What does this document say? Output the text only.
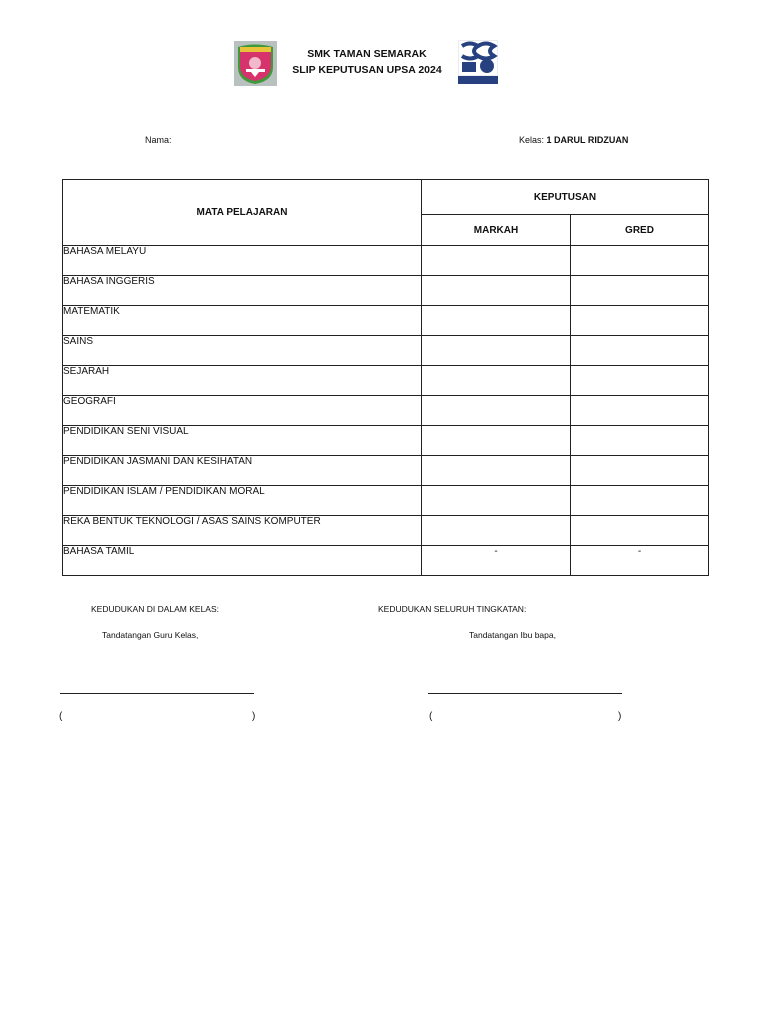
SMK TAMAN SEMARAK
SLIP KEPUTUSAN UPSA 2024
Nama:	Kelas: 1 DARUL RIDZUAN
MATA PELAJARAN	KEPUTUSAN	
	MARKAH	GRED
BAHASA MELAYU		
BAHASA INGGERIS		
MATEMATIK		
SAINS		
SEJARAH		
GEOGRAFI		
PENDIDIKAN SENI VISUAL		
PENDIDIKAN JASMANI DAN KESIHATAN		
PENDIDIKAN ISLAM / PENDIDIKAN MORAL		
REKA BENTUK TEKNOLOGI / ASAS SAINS KOMPUTER		
BAHASA TAMIL	-	-
KEDUDUKAN DI DALAM KELAS:	KEDUDUKAN SELURUH TINGKATAN:
Tandatangan Guru Kelas,	Tandatangan Ibu bapa,
(	)	(	)
